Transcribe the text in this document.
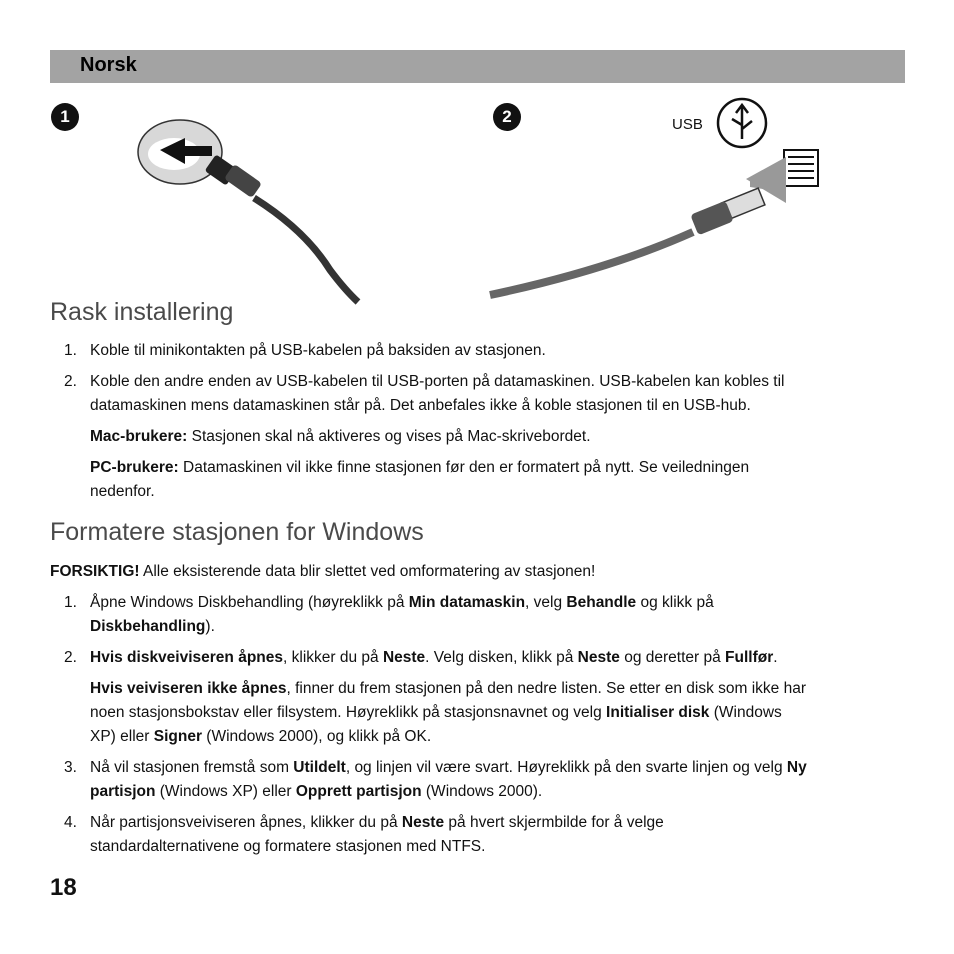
Norsk
1	2	USB
Rask installering
1. Koble til minikontakten på USB-kabelen på baksiden av stasjonen.

2. Koble den andre enden av USB-kabelen til USB-porten på datamaskinen. USB-kabelen kan kobles til

datamaskinen mens datamaskinen står på. Det anbefales ikke å koble stasjonen til en USB-hub.

Mac-brukere: Stasjonen skal nå aktiveres og vises på Mac-skrivebordet.

PC-brukere: Datamaskinen vil ikke finne stasjonen før den er formatert på nytt. Se veiledningen

nedenfor.

Formatere stasjonen for Windows

FORSIKTIG! Alle eksisterende data blir slettet ved omformatering av stasjonen!

1. Åpne Windows Diskbehandling (høyreklikk på Min datamaskin, velg Behandle og klikk på

Diskbehandling).

2. Hvis diskveiviseren åpnes, klikker du på Neste. Velg disken, klikk på Neste og deretter på Fullfør.

Hvis veiviseren ikke åpnes, finner du frem stasjonen på den nedre listen. Se etter en disk som ikke har

noen stasjonsbokstav eller filsystem. Høyreklikk på stasjonsnavnet og velg Initialiser disk (Windows

XP) eller Signer (Windows 2000), og klikk på OK.

3. Nå vil stasjonen fremstå som Utildelt, og linjen vil være svart. Høyreklikk på den svarte linjen og velg Ny

partisjon (Windows XP) eller Opprett partisjon (Windows 2000).

4. Når partisjonsveiviseren åpnes, klikker du på Neste på hvert skjermbilde for å velge

standardalternativene og formatere stasjonen med NTFS.

18
